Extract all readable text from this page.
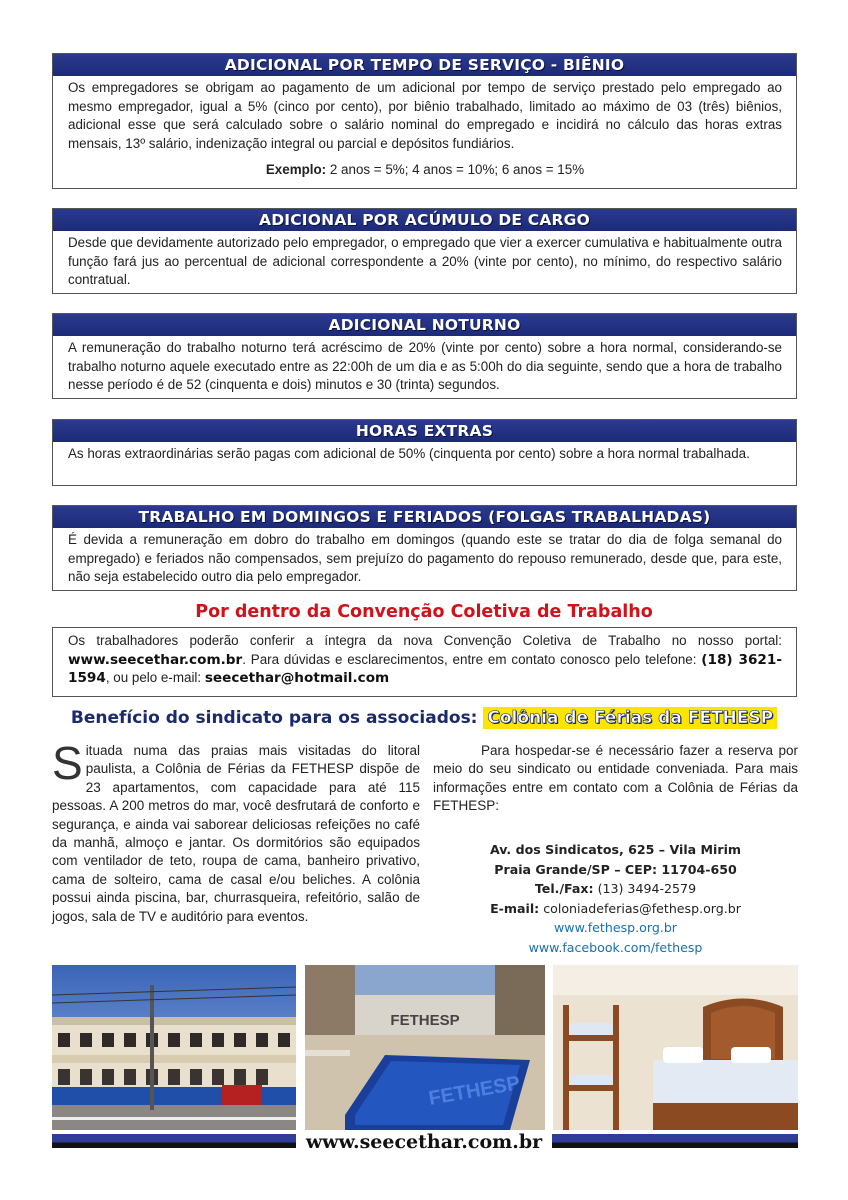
ADICIONAL POR TEMPO DE SERVIÇO - BIÊNIO

Os empregadores se obrigam ao pagamento de um adicional por tempo de serviço prestado pelo empregado ao mesmo empregador, igual a 5% (cinco por cento), por biênio trabalhado, limitado ao máximo de 03 (três) biênios, adicional esse que será calculado sobre o salário nominal do empregado e incidirá no cálculo das horas extras mensais, 13º salário, indenização integral ou parcial e depósitos fundiários.

Exemplo: 2 anos = 5%; 4 anos = 10%; 6 anos = 15%

ADICIONAL POR ACÚMULO DE CARGO

Desde que devidamente autorizado pelo empregador, o empregado que vier a exercer cumulativa e habitualmente outra função fará jus ao percentual de adicional correspondente a 20% (vinte por cento), no mínimo, do respectivo salário contratual.

ADICIONAL NOTURNO

A remuneração do trabalho noturno terá acréscimo de 20% (vinte por cento) sobre a hora normal, considerando-se trabalho noturno aquele executado entre as 22:00h de um dia e as 5:00h do dia seguinte, sendo que a hora de trabalho nesse período é de 52 (cinquenta e dois) minutos e 30 (trinta) segundos.

HORAS EXTRAS

As horas extraordinárias serão pagas com adicional de 50% (cinquenta por cento) sobre a hora normal trabalhada.

TRABALHO EM DOMINGOS E FERIADOS (FOLGAS TRABALHADAS)

É devida a remuneração em dobro do trabalho em domingos (quando este se tratar do dia de folga semanal do empregado) e feriados não compensados, sem prejuízo do pagamento do repouso remunerado, desde que, para este, não seja estabelecido outro dia pelo empregador.

Por dentro da Convenção Coletiva de Trabalho

Os trabalhadores poderão conferir a íntegra da nova Convenção Coletiva de Trabalho no nosso portal: www.seecethar.com.br. Para dúvidas e esclarecimentos, entre em contato conosco pelo telefone: (18) 3621-1594, ou pelo e-mail: seecethar@hotmail.com

Benefício do sindicato para os associados: Colônia de Férias da FETHESP
S ituada numa das praias mais visitadas do litoral paulista, a Colônia de Férias da FETHESP dispõe de 23 apartamentos, com capacidade para até 115 pessoas. A 200 metros do mar, você desfrutará de conforto e segurança, e ainda vai saborear deliciosas refeições no café da manhã, almoço e jantar. Os dormitórios são equipados com ventilador de teto, roupa de cama, banheiro privativo, cama de solteiro, cama de casal e/ou beliches. A colônia possui ainda piscina, bar, churrasqueira, refeitório, salão de jogos, sala de TV e auditório para eventos.

Para hospedar-se é necessário fazer a reserva por meio do seu sindicato ou entidade conveniada. Para mais informações entre em contato com a Colônia de Férias da FETHESP:

Av. dos Sindicatos, 625 – Vila Mirim
Praia Grande/SP – CEP: 11704-650
Tel./Fax: (13) 3494-2579
E-mail: coloniadeferias@fethesp.org.br
www.fethesp.org.br
www.facebook.com/fethesp
FETHESP
FETHESP
www.seecethar.com.br
